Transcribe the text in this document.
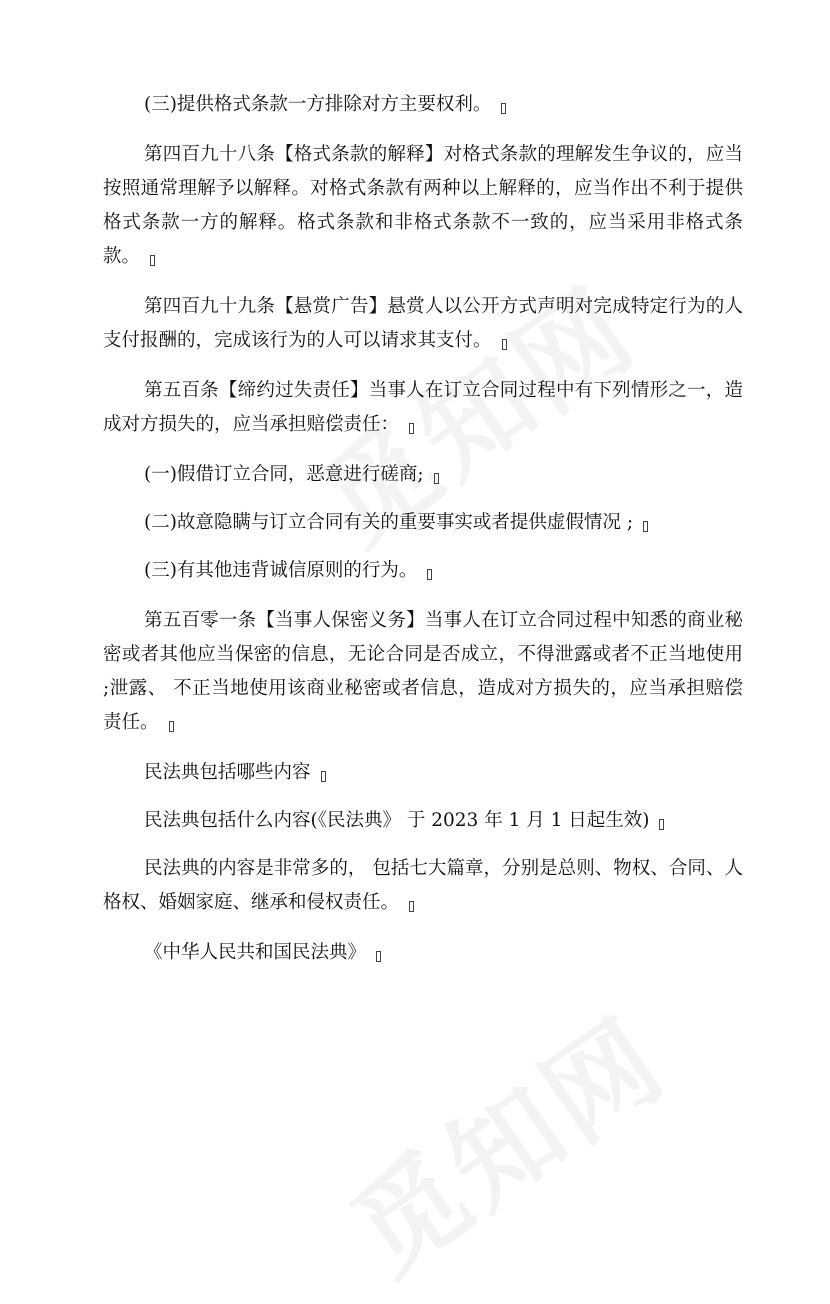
(三)提供格式条款一方排除对方主要权利。

第四百九十八条【格式条款的解释】对格式条款的理解发生争议的，应当按照通常理解予以解释。对格式条款有两种以上解释的，应当作出不利于提供格式条款一方的解释。格式条款和非格式条款不一致的，应当采用非格式条款。

第四百九十九条【悬赏广告】悬赏人以公开方式声明对完成特定行为的人支付报酬的，完成该行为的人可以请求其支付。

第五百条【缔约过失责任】当事人在订立合同过程中有下列情形之一，造成对方损失的，应当承担赔偿责任：

(一)假借订立合同，恶意进行磋商;

(二)故意隐瞒与订立合同有关的重要事实或者提供虚假情况 ;

(三)有其他违背诚信原则的行为。

第五百零一条【当事人保密义务】当事人在订立合同过程中知悉的商业秘密或者其他应当保密的信息，无论合同是否成立，不得泄露或者不正当地使用 ;泄露、 不正当地使用该商业秘密或者信息，造成对方损失的，应当承担赔偿责任。

民法典包括哪些内容

民法典包括什么内容(《民法典》 于 2023 年 1 月 1 日起生效)

民法典的内容是非常多的， 包括七大篇章，分别是总则、物权、合同、人格权、婚姻家庭、继承和侵权责任。

《中华人民共和国民法典》
